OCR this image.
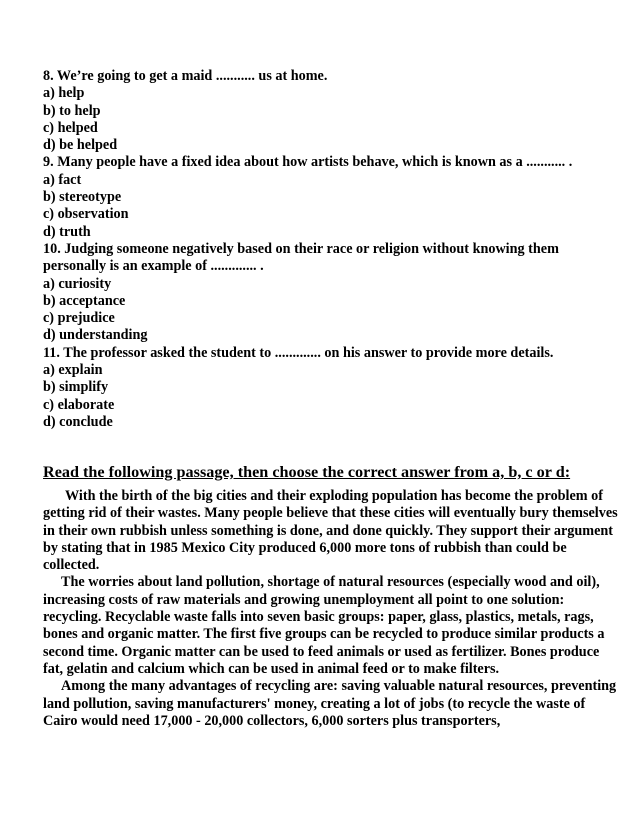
8. We’re going to get a maid ........... us at home.
a) help
b) to help
c) helped
d) be helped
9. Many people have a fixed idea about how artists behave, which is known as a ........... .
a) fact
b) stereotype
c) observation
d) truth
10. Judging someone negatively based on their race or religion without knowing them
personally is an example of ............. .
a) curiosity
b) acceptance
c) prejudice
d) understanding
11. The professor asked the student to ............. on his answer to provide more details.
a) explain
b) simplify
c) elaborate
d) conclude
Read the following passage, then choose the correct answer from a, b, c or d:

With the birth of the big cities and their exploding population has become the problem of getting rid of their wastes. Many people believe that these cities will eventually bury themselves in their own rubbish unless something is done, and done quickly. They support their argument by stating that in 1985 Mexico City produced 6,000 more tons of rubbish than could be collected.

The worries about land pollution, shortage of natural resources (especially wood and oil), increasing costs of raw materials and growing unemployment all point to one solution: recycling. Recyclable waste falls into seven basic groups: paper, glass, plastics, metals, rags, bones and organic matter. The first five groups can be recycled to produce similar products a second time. Organic matter can be used to feed animals or used as fertilizer. Bones produce fat, gelatin and calcium which can be used in animal feed or to make filters.

Among the many advantages of recycling are: saving valuable natural resources, preventing land pollution, saving manufacturers' money, creating a lot of jobs (to recycle the waste of Cairo would need 17,000 - 20,000 collectors, 6,000 sorters plus transporters,
